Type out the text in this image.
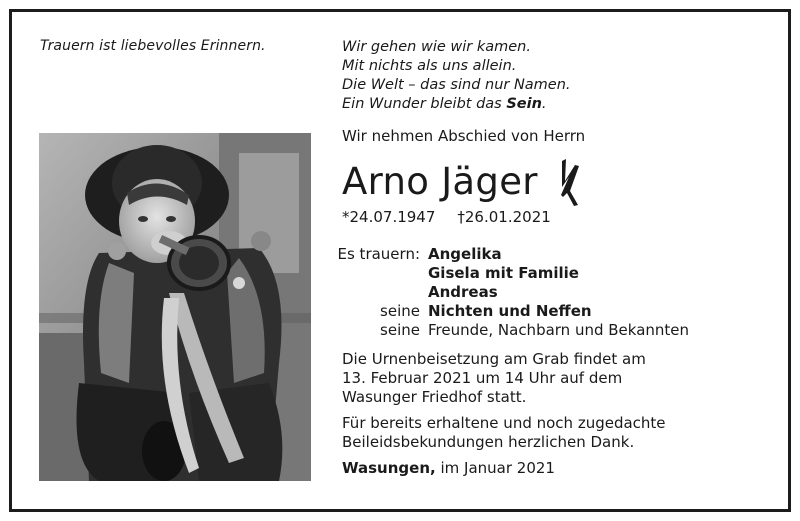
Trauern ist liebevolles Erinnern.	Wir gehen wie wir kamen.
Mit nichts als uns allein.
Die Welt – das sind nur Namen.
Ein Wunder bleibt das Sein.
Wir nehmen Abschied von Herrn
Arno Jäger
*24.07.1947 †26.01.2021
Es trauern: Angelika
Gisela mit Familie
Andreas
seine Nichten und Neffen
seine Freunde, Nachbarn und Bekannten
Die Urnenbeisetzung am Grab findet am
13. Februar 2021 um 14 Uhr auf dem
Wasunger Friedhof statt.
Für bereits erhaltene und noch zugedachte
Beileidsbekundungen herzlichen Dank.
Wasungen, im Januar 2021
